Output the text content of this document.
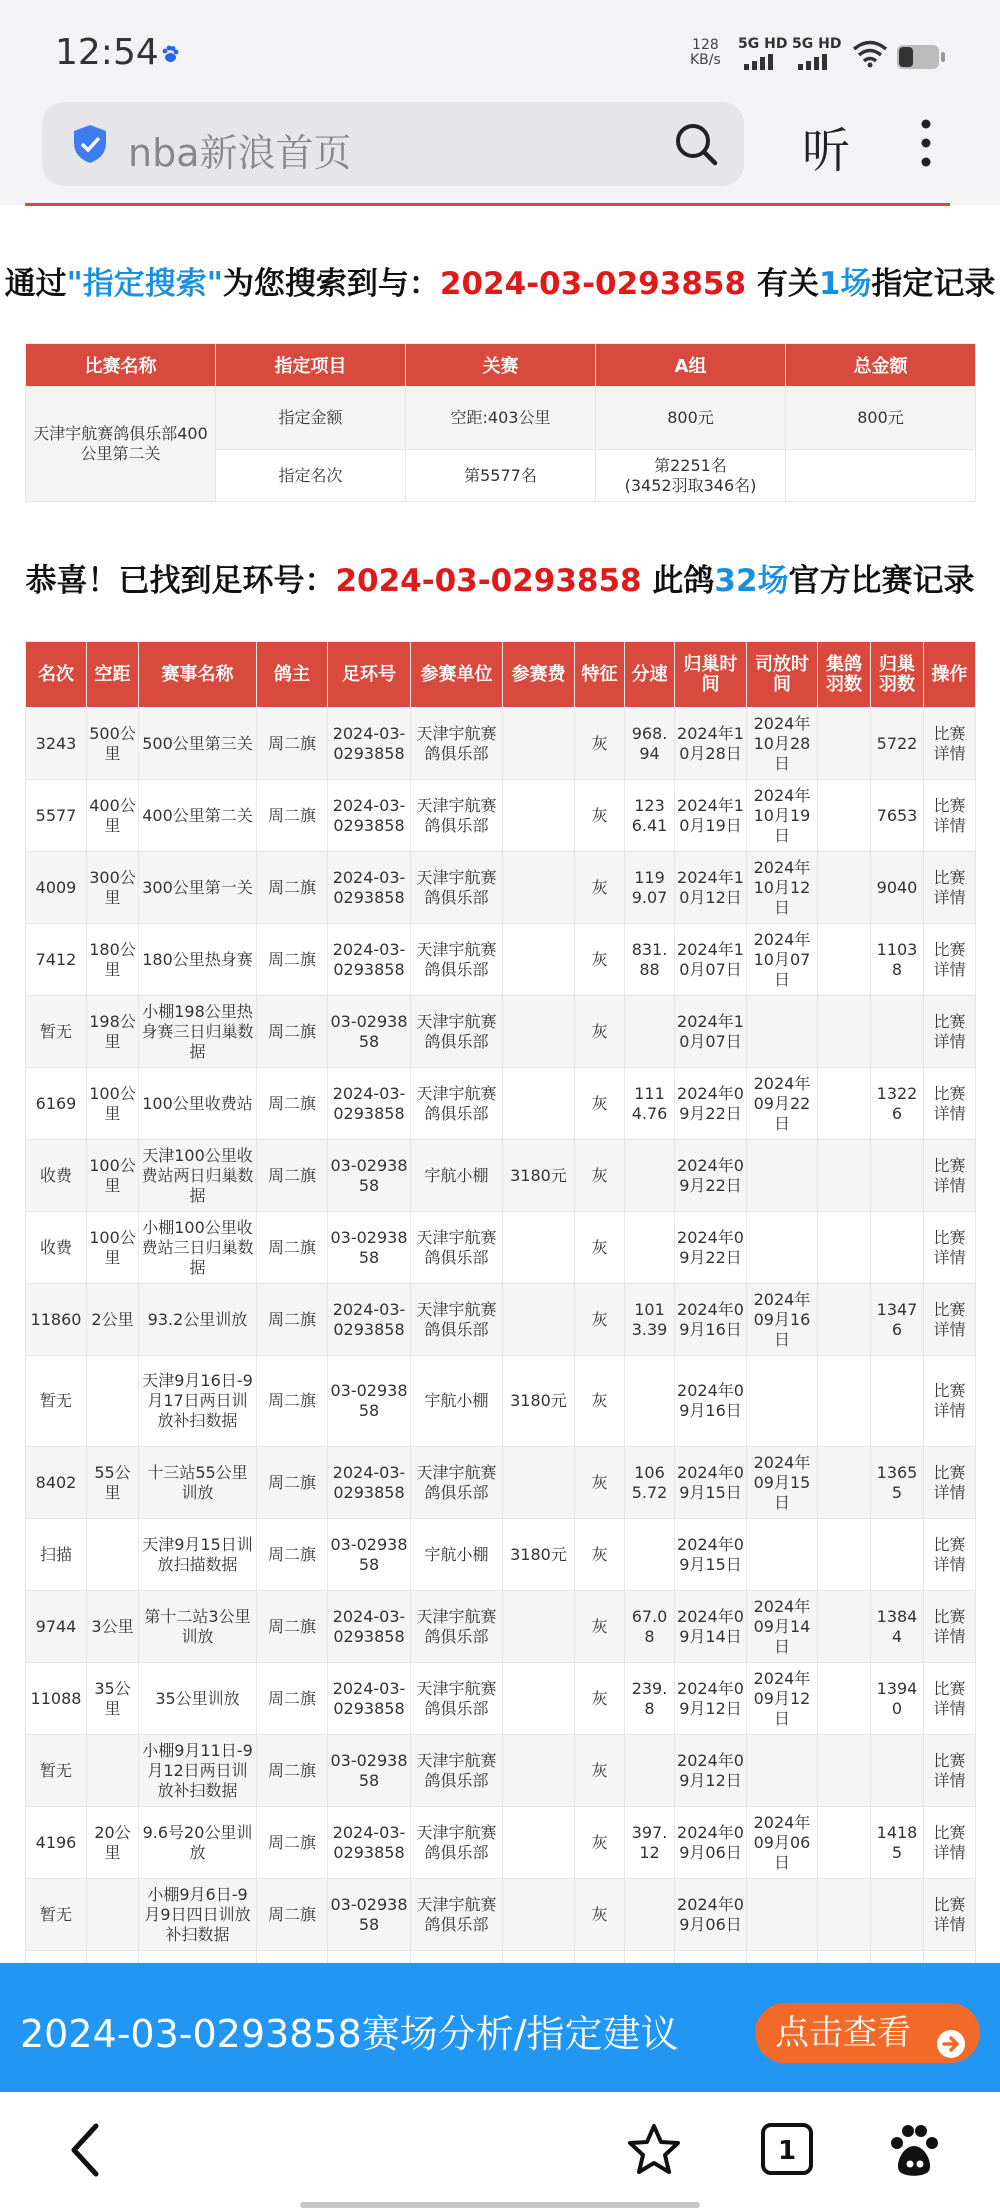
12:54	128
KB/s
5G HD 5G HD
nba新浪首页	听
通过"指定搜索"为您搜索到与：2024-03-0293858 有关1场指定记录
比赛名称	指定项目	关赛	A组	总金额
天津宇航赛鸽俱乐部400公里第二关	指定金额	空距:403公里	800元	800元
	指定名次	第5577名	第2251名
(3452羽取346名)	

恭喜！已找到足环号：2024-03-0293858 此鸽32场官方比赛记录
名次	空距	赛事名称	鸽主	足环号	参赛单位	参赛费	特征	分速	归巢时间	司放时间	集鸽羽数	归巢羽数	操作
3243	500公里	500公里第三关	周二旗	2024-03-0293858	天津宇航赛鸽俱乐部		灰	968.94	2024年10月28日	2024年10月28日		5722	比赛详情
5577	400公里	400公里第二关	周二旗	2024-03-0293858	天津宇航赛鸽俱乐部		灰	1236.41	2024年10月19日	2024年10月19日		7653	比赛详情
4009	300公里	300公里第一关	周二旗	2024-03-0293858	天津宇航赛鸽俱乐部		灰	1199.07	2024年10月12日	2024年10月12日		9040	比赛详情
7412	180公里	180公里热身赛	周二旗	2024-03-0293858	天津宇航赛鸽俱乐部		灰	831.88	2024年10月07日	2024年10月07日		11038	比赛详情
暂无	198公里	小棚198公里热身赛三日归巢数据	周二旗	03-0293858	天津宇航赛鸽俱乐部		灰		2024年10月07日				比赛详情
6169	100公里	100公里收费站	周二旗	2024-03-0293858	天津宇航赛鸽俱乐部		灰	1114.76	2024年09月22日	2024年09月22日		13226	比赛详情
收费	100公里	天津100公里收费站两日归巢数据	周二旗	03-0293858	宇航小棚	3180元	灰		2024年09月22日				比赛详情
收费	100公里	小棚100公里收费站三日归巢数据	周二旗	03-0293858	天津宇航赛鸽俱乐部		灰		2024年09月22日				比赛详情
11860	2公里	93.2公里训放	周二旗	2024-03-0293858	天津宇航赛鸽俱乐部		灰	1013.39	2024年09月16日	2024年09月16日		13476	比赛详情
暂无		天津9月16日-9月17日两日训放补扫数据	周二旗	03-0293858	宇航小棚	3180元	灰		2024年09月16日				比赛详情
8402	55公里	十三站55公里训放	周二旗	2024-03-0293858	天津宇航赛鸽俱乐部		灰	1065.72	2024年09月15日	2024年09月15日		13655	比赛详情
扫描		天津9月15日训放扫描数据	周二旗	03-0293858	宇航小棚	3180元	灰		2024年09月15日				比赛详情
9744	3公里	第十二站3公里训放	周二旗	2024-03-0293858	天津宇航赛鸽俱乐部		灰	67.08	2024年09月14日	2024年09月14日		13844	比赛详情
11088	35公里	35公里训放	周二旗	2024-03-0293858	天津宇航赛鸽俱乐部		灰	239.8	2024年09月12日	2024年09月12日		13940	比赛详情
暂无		小棚9月11日-9月12日两日训放补扫数据	周二旗	03-0293858	天津宇航赛鸽俱乐部		灰		2024年09月12日				比赛详情
4196	20公里	9.6号20公里训放	周二旗	2024-03-0293858	天津宇航赛鸽俱乐部		灰	397.12	2024年09月06日	2024年09月06日		14185	比赛详情
暂无		小棚9月6日-9月9日四日训放补扫数据	周二旗	03-0293858	天津宇航赛鸽俱乐部		灰		2024年09月06日				比赛详情

2024-03-0293858赛场分析/指定建议	点击查看
1
